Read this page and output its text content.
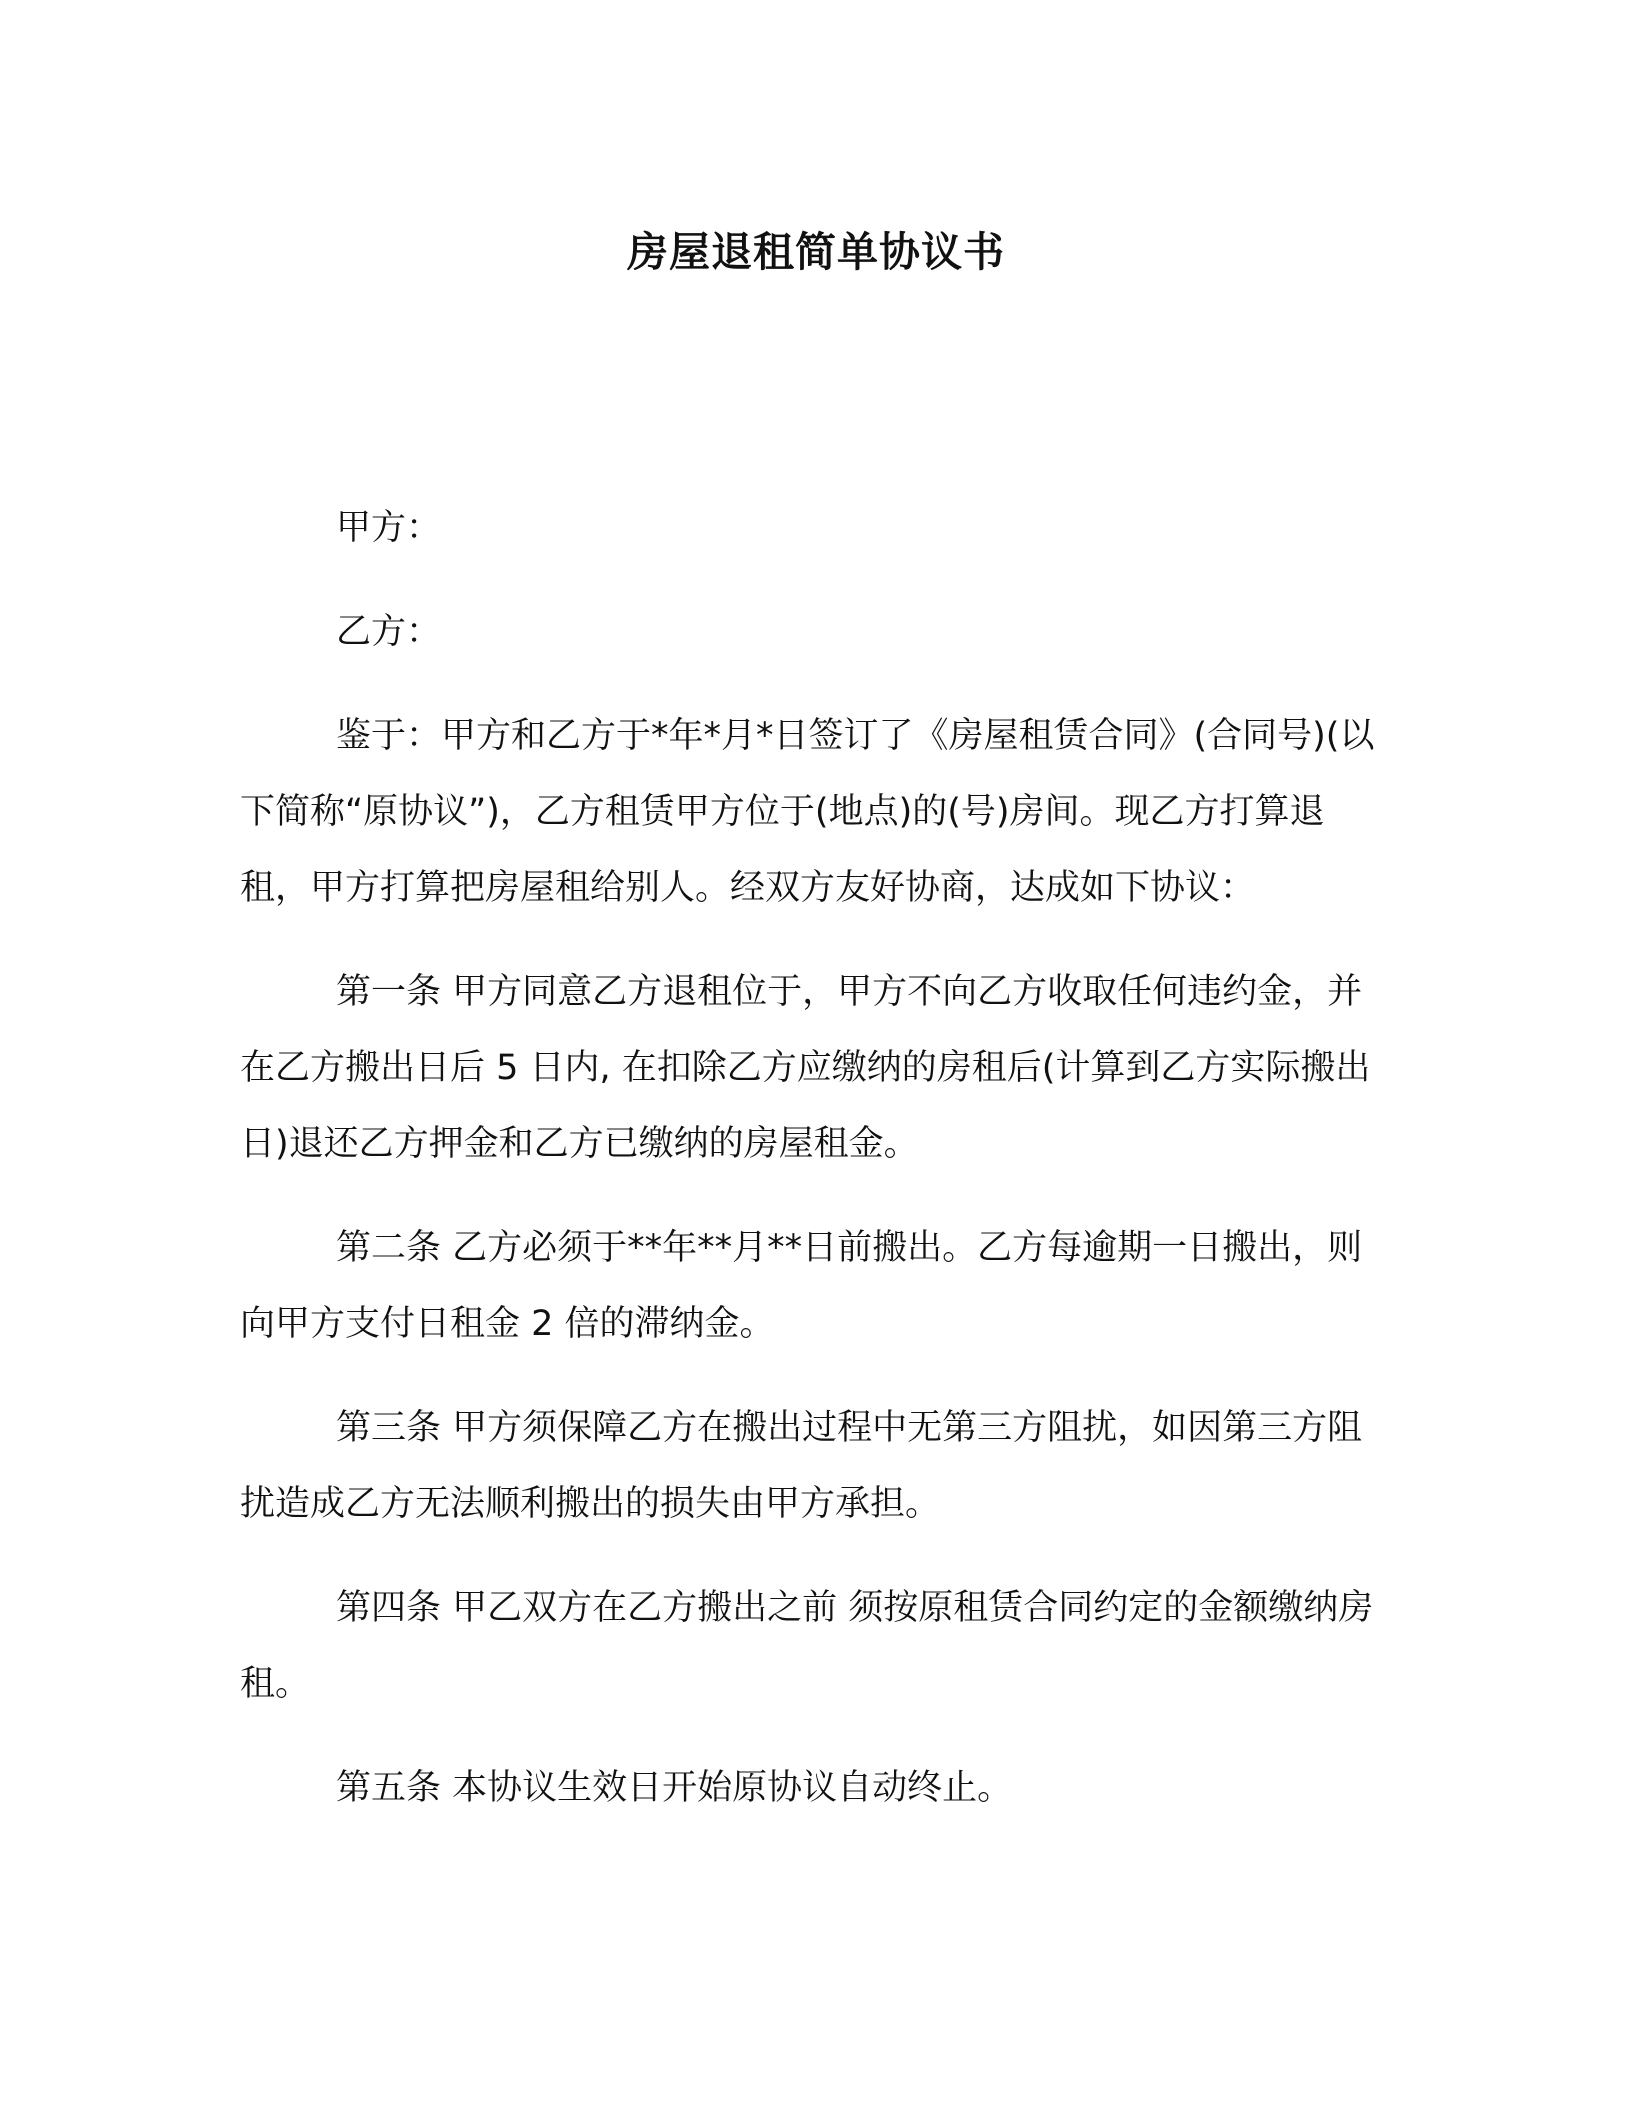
房屋退租简单协议书

甲方：

乙方：

鉴于：甲方和乙方于*年*月*日签订了《房屋租赁合同》(合同号)(以下简称“原协议”)，乙方租赁甲方位于(地点)的(号)房间。现乙方打算退租，甲方打算把房屋租给别人。经双方友好协商，达成如下协议：

第一条 甲方同意乙方退租位于，甲方不向乙方收取任何违约金，并在乙方搬出日后 5 日内, 在扣除乙方应缴纳的房租后(计算到乙方实际搬出日)退还乙方押金和乙方已缴纳的房屋租金。

第二条 乙方必须于**年**月**日前搬出。乙方每逾期一日搬出，则向甲方支付日租金 2 倍的滞纳金。

第三条 甲方须保障乙方在搬出过程中无第三方阻扰，如因第三方阻扰造成乙方无法顺利搬出的损失由甲方承担。

第四条 甲乙双方在乙方搬出之前 须按原租赁合同约定的金额缴纳房租。

第五条 本协议生效日开始原协议自动终止。
